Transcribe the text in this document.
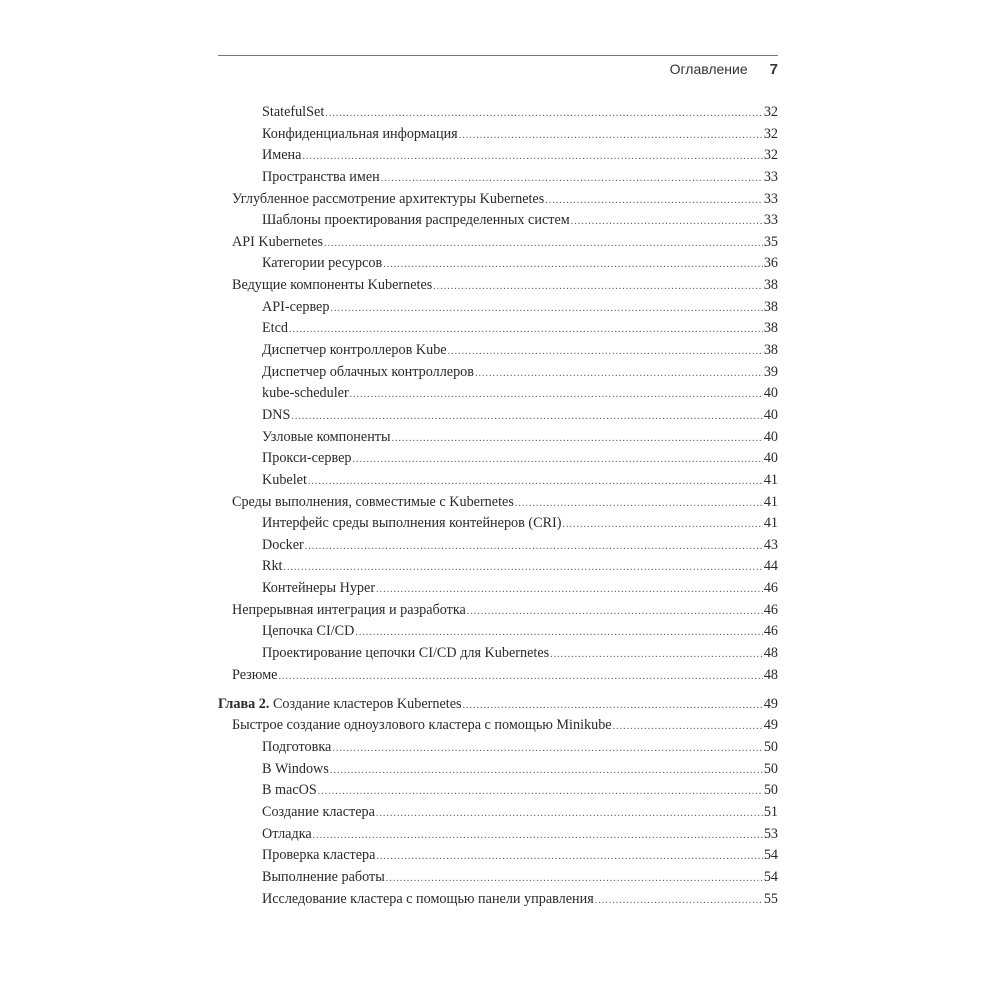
Оглавление 7
StatefulSet .....	32
Конфиденциальная информация .....	32
Имена .....	32
Пространства имен .....	33
Углубленное рассмотрение архитектуры Kubernetes .....	33
Шаблоны проектирования распределенных систем .....	33
API Kubernetes .....	35
Категории ресурсов .....	36
Ведущие компоненты Kubernetes .....	38
API-сервер .....	38
Etcd .....	38
Диспетчер контроллеров Kube .....	38
Диспетчер облачных контроллеров .....	39
kube-scheduler .....	40
DNS .....	40
Узловые компоненты .....	40
Прокси-сервер .....	40
Kubelet .....	41
Среды выполнения, совместимые с Kubernetes .....	41
Интерфейс среды выполнения контейнеров (CRI) .....	41
Docker .....	43
Rkt .....	44
Контейнеры Hyper .....	46
Непрерывная интеграция и разработка .....	46
Цепочка CI/CD .....	46
Проектирование цепочки CI/CD для Kubernetes .....	48
Резюме .....	48
Глава 2. Создание кластеров Kubernetes .....	49
Быстрое создание одноузлового кластера с помощью Minikube .....	49
Подготовка .....	50
В Windows .....	50
В macOS .....	50
Создание кластера .....	51
Отладка .....	53
Проверка кластера .....	54
Выполнение работы .....	54
Исследование кластера с помощью панели управления .....	55
